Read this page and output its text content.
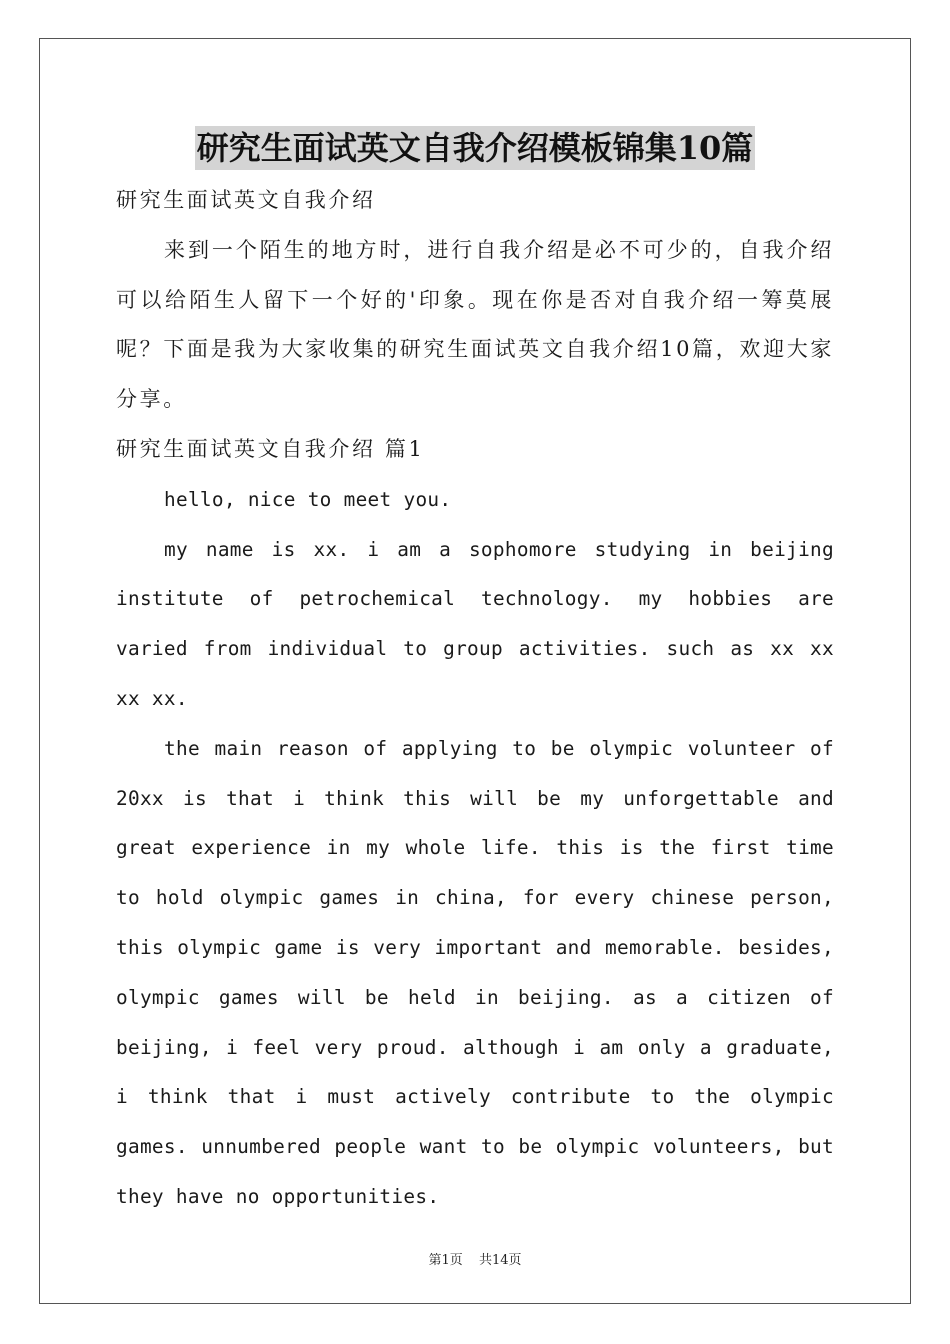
研究生面试英文自我介绍模板锦集10篇

研究生面试英文自我介绍

来到一个陌生的地方时，进行自我介绍是必不可少的，自我介绍可以给陌生人留下一个好的'印象。现在你是否对自我介绍一筹莫展呢？下面是我为大家收集的研究生面试英文自我介绍10篇，欢迎大家分享。

研究生面试英文自我介绍 篇1

hello, nice to meet you.

my name is xx. i am a sophomore studying in beijing institute of petrochemical technology. my hobbies are varied from individual to group activities. such as xx xx xx xx.

the main reason of applying to be olympic volunteer of 20xx is that i think this will be my unforgettable and great experience in my whole life. this is the first time to hold olympic games in china, for every chinese person, this olympic game is very important and memorable. besides, olympic games will be held in beijing. as a citizen of beijing, i feel very proud. although i am only a graduate, i think that i must actively contribute to the olympic games. unnumbered people want to be olympic volunteers, but they have no opportunities.

第1页 共14页
